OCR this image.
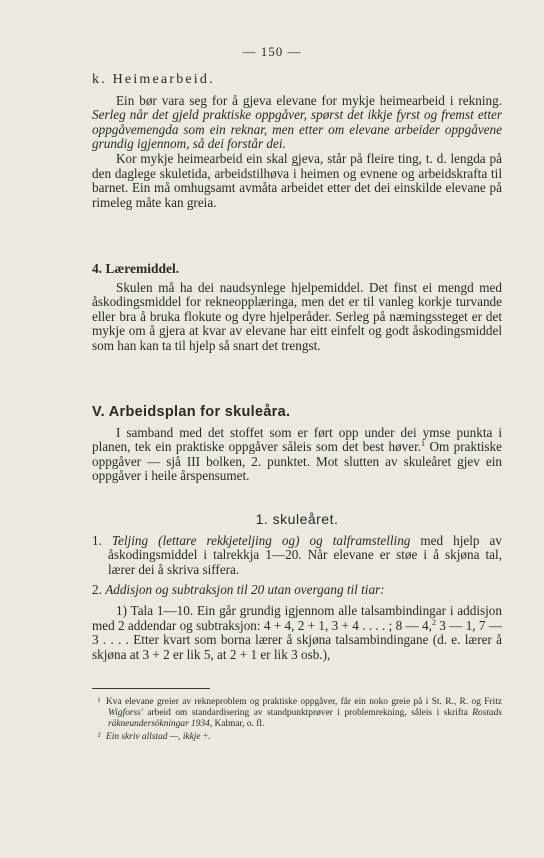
— 150 —

k. Heimearbeid.

Ein bør vara seg for å gjeva elevane for mykje heimearbeid i rekning. Serleg når det gjeld praktiske oppgåver, spørst det ikkje fyrst og fremst etter oppgåvemengda som ein reknar, men etter om elevane arbeider oppgåvene grundig igjennom, så dei forstår dei.

Kor mykje heimearbeid ein skal gjeva, står på fleire ting, t. d. lengda på den daglege skuletida, arbeidstilhøva i heimen og evnene og arbeidskrafta til barnet. Ein må omhugsamt avmåta arbeidet etter det dei einskilde elevane på rimeleg måte kan greia.

4. Læremiddel.

Skulen må ha dei naudsynlege hjelpemiddel. Det finst ei mengd med åskodingsmiddel for rekneopplæringa, men det er til vanleg korkje turvande eller bra å bruka flokute og dyre hjelperåder. Serleg på næmingssteget er det mykje om å gjera at kvar av elevane har eitt einfelt og godt åskodingsmiddel som han kan ta til hjelp så snart det trengst.

V. Arbeidsplan for skuleåra.

I samband med det stoffet som er ført opp under dei ymse punkta i planen, tek ein praktiske oppgåver såleis som det best høver.$^1$ Om praktiske oppgåver — sjå III bolken, 2. punktet. Mot slutten av skuleåret gjev ein oppgåver i heile årspensumet.

1. skuleåret.

1. Teljing (lettare rekkjeteljing og) og talframstelling med hjelp av åskodingsmiddel i talrekkja 1—20. Når elevane er støe i å skjøna tal, lærer dei å skriva siffera.

2. Addisjon og subtraksjon til 20 utan overgang til tiar:

1) Tala 1—10. Ein går grundig igjennom alle talsambindingar i addisjon med 2 addendar og subtraksjon: 4 + 4, 2 + 1, 3 + 4 . . . . ; 8 — 4,$^2$ 3 — 1, 7 — 3 . . . . Etter kvart som borna lærer å skjøna talsambindingane (d. e. lærer å skjøna at 3 + 2 er lik 5, at 2 + 1 er lik 3 osb.),

¹ Kva elevane greier av rekneproblem og praktiske oppgåver, får ein noko greie på i St. R., R. og Fritz Wigforss' arbeid om standardisering av standpunktprøver i problemrekning, såleis i skrifta Rostads räkneundersökningar 1934, Kalmar, o. fl.

² Ein skriv allstad —, ikkje ÷.
